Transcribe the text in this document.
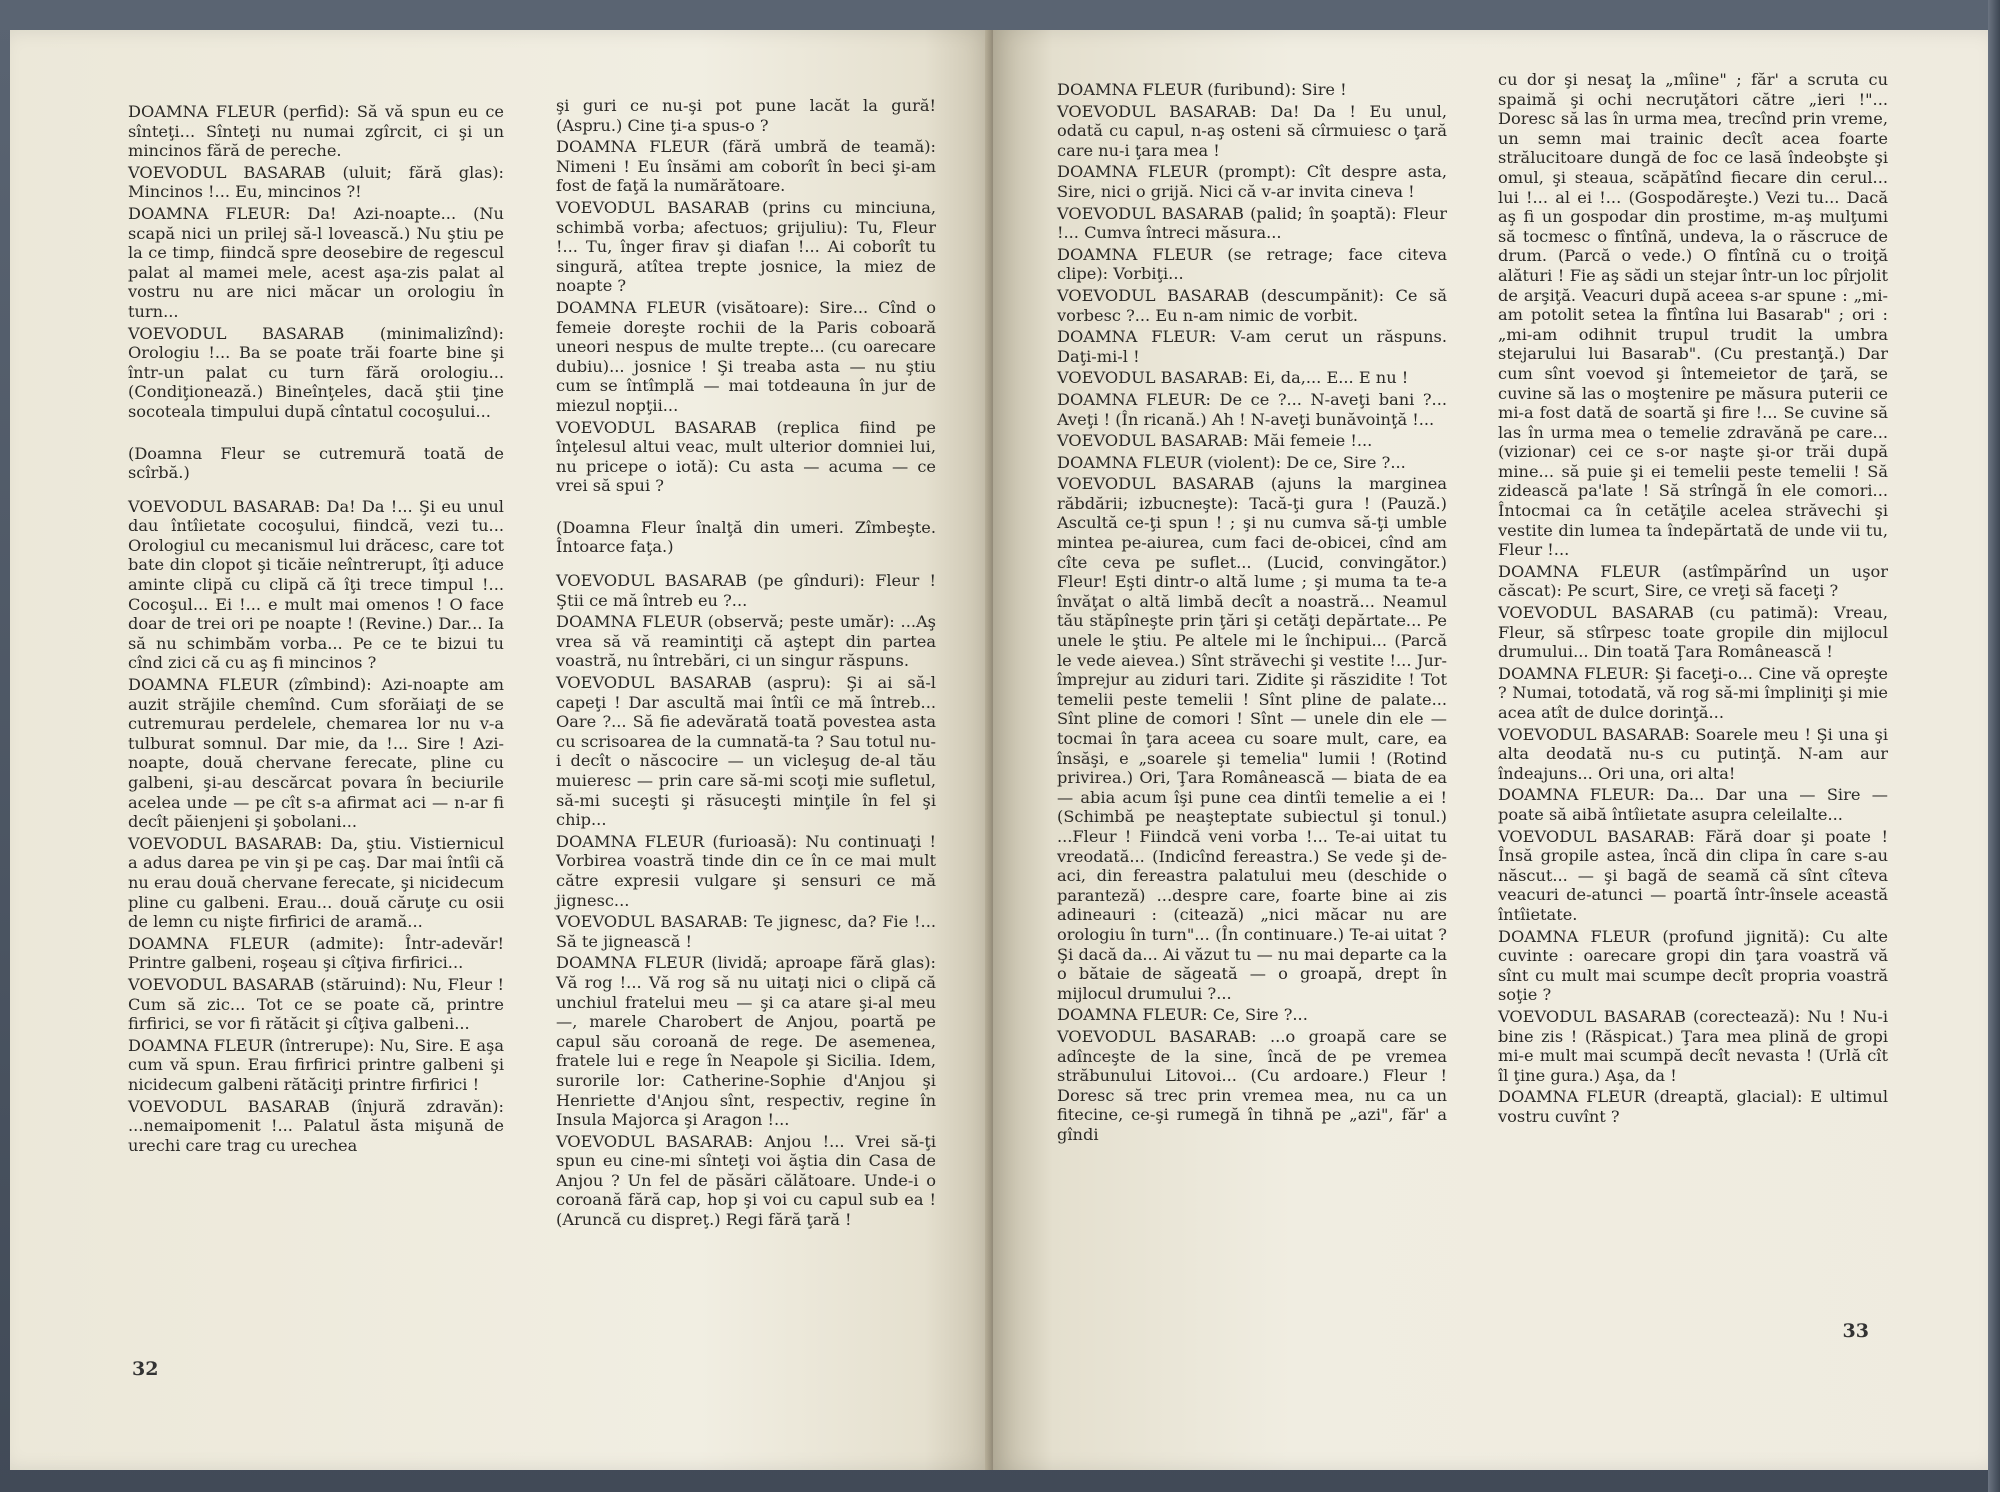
DOAMNA FLEUR (perfid): Să vă spun eu ce sînteţi... Sînteţi nu numai zgîrcit, ci şi un mincinos fără de pereche.

VOEVODUL BASARAB (uluit; fără glas): Mincinos !... Eu, mincinos ?!

DOAMNA FLEUR: Da! Azi-noapte... (Nu scapă nici un prilej să-l lovească.) Nu ştiu pe la ce timp, fiindcă spre deosebire de regescul palat al mamei mele, acest aşa-zis palat al vostru nu are nici măcar un orologiu în turn...

VOEVODUL BASARAB (minimalizînd): Orologiu !... Ba se poate trăi foarte bine şi într-un palat cu turn fără orologiu... (Condiţionează.) Bineînţeles, dacă ştii ţine socoteala timpului după cîntatul cocoşului...

(Doamna Fleur se cutremură toată de scîrbă.)

VOEVODUL BASARAB: Da! Da !... Şi eu unul dau întîietate cocoşului, fiindcă, vezi tu... Orologiul cu mecanismul lui drăcesc, care tot bate din clopot şi ticăie neîntrerupt, îţi aduce aminte clipă cu clipă că îţi trece timpul !... Cocoşul... Ei !... e mult mai omenos ! O face doar de trei ori pe noapte ! (Revine.) Dar... Ia să nu schimbăm vorba... Pe ce te bizui tu cînd zici că cu aş fi mincinos ?

DOAMNA FLEUR (zîmbind): Azi-noapte am auzit străjile chemînd. Cum sforăiaţi de se cutremurau perdelele, chemarea lor nu v-a tulburat somnul. Dar mie, da !... Sire ! Azi-noapte, două chervane ferecate, pline cu galbeni, şi-au descărcat povara în beciurile acelea unde — pe cît s-a afirmat aci — n-ar fi decît păienjeni şi şobolani...

VOEVODUL BASARAB: Da, ştiu. Vistiernicul a adus darea pe vin şi pe caş. Dar mai întîi că nu erau două chervane ferecate, şi nicidecum pline cu galbeni. Erau... două căruţe cu osii de lemn cu nişte firfirici de aramă...

DOAMNA FLEUR (admite): Într-adevăr! Printre galbeni, roşeau şi cîţiva firfirici...

VOEVODUL BASARAB (stăruind): Nu, Fleur ! Cum să zic... Tot ce se poate că, printre firfirici, se vor fi rătăcit şi cîţiva galbeni...

DOAMNA FLEUR (întrerupe): Nu, Sire. E aşa cum vă spun. Erau firfirici printre galbeni şi nicidecum galbeni rătăciţi printre firfirici !

VOEVODUL BASARAB (înjură zdravăn): ...nemaipomenit !... Palatul ăsta mişună de urechi care trag cu urechea

şi guri ce nu-şi pot pune lacăt la gură! (Aspru.) Cine ţi-a spus-o ?

DOAMNA FLEUR (fără umbră de teamă): Nimeni ! Eu însămi am coborît în beci şi-am fost de faţă la numărătoare.

VOEVODUL BASARAB (prins cu minciuna, schimbă vorba; afectuos; grijuliu): Tu, Fleur !... Tu, înger firav şi diafan !... Ai coborît tu singură, atîtea trepte josnice, la miez de noapte ?

DOAMNA FLEUR (visătoare): Sire... Cînd o femeie doreşte rochii de la Paris coboară uneori nespus de multe trepte... (cu oarecare dubiu)... josnice ! Şi treaba asta — nu ştiu cum se întîmplă — mai totdeauna în jur de miezul nopţii...

VOEVODUL BASARAB (replica fiind pe înţelesul altui veac, mult ulterior domniei lui, nu pricepe o iotă): Cu asta — acuma — ce vrei să spui ?

(Doamna Fleur înalţă din umeri. Zîmbeşte. Întoarce faţa.)

VOEVODUL BASARAB (pe gînduri): Fleur ! Ştii ce mă întreb eu ?...

DOAMNA FLEUR (observă; peste umăr): ...Aş vrea să vă reamintiţi că aştept din partea voastră, nu întrebări, ci un singur răspuns.

VOEVODUL BASARAB (aspru): Şi ai să-l capeţi ! Dar ascultă mai întîi ce mă întreb... Oare ?... Să fie adevărată toată povestea asta cu scrisoarea de la cumnată-ta ? Sau totul nu-i decît o născocire — un vicleşug de-al tău muieresc — prin care să-mi scoţi mie sufletul, să-mi suceşti şi răsuceşti minţile în fel şi chip...

DOAMNA FLEUR (furioasă): Nu continuaţi ! Vorbirea voastră tinde din ce în ce mai mult către expresii vulgare şi sensuri ce mă jignesc...

VOEVODUL BASARAB: Te jignesc, da? Fie !... Să te jignească !

DOAMNA FLEUR (lividă; aproape fără glas): Vă rog !... Vă rog să nu uitaţi nici o clipă că unchiul fratelui meu — şi ca atare şi-al meu —, marele Charobert de Anjou, poartă pe capul său coroană de rege. De asemenea, fratele lui e rege în Neapole şi Sicilia. Idem, surorile lor: Catherine-Sophie d'Anjou şi Henriette d'Anjou sînt, respectiv, regine în Insula Majorca şi Aragon !...

VOEVODUL BASARAB: Anjou !... Vrei să-ţi spun eu cine-mi sînteţi voi ăştia din Casa de Anjou ? Un fel de păsări călătoare. Unde-i o coroană fără cap, hop şi voi cu capul sub ea ! (Aruncă cu dispreţ.) Regi fără ţară !

32

DOAMNA FLEUR (furibund): Sire !

VOEVODUL BASARAB: Da! Da ! Eu unul, odată cu capul, n-aş osteni să cîrmuiesc o ţară care nu-i ţara mea !

DOAMNA FLEUR (prompt): Cît despre asta, Sire, nici o grijă. Nici că v-ar invita cineva !

VOEVODUL BASARAB (palid; în şoaptă): Fleur !... Cumva întreci măsura...

DOAMNA FLEUR (se retrage; face citeva clipe): Vorbiţi...

VOEVODUL BASARAB (descumpănit): Ce să vorbesc ?... Eu n-am nimic de vorbit.

DOAMNA FLEUR: V-am cerut un răspuns. Daţi-mi-l !

VOEVODUL BASARAB: Ei, da,... E... E nu !

DOAMNA FLEUR: De ce ?... N-aveţi bani ?... Aveţi ! (În ricană.) Ah ! N-aveţi bunăvoinţă !...

VOEVODUL BASARAB: Măi femeie !...

DOAMNA FLEUR (violent): De ce, Sire ?...

VOEVODUL BASARAB (ajuns la marginea răbdării; izbucneşte): Tacă-ţi gura ! (Pauză.) Ascultă ce-ţi spun ! ; şi nu cumva să-ţi umble mintea pe-aiurea, cum faci de-obicei, cînd am cîte ceva pe suflet... (Lucid, convingător.) Fleur! Eşti dintr-o altă lume ; şi muma ta te-a învăţat o altă limbă decît a noastră... Neamul tău stăpîneşte prin ţări şi cetăţi depărtate... Pe unele le ştiu. Pe altele mi le închipui... (Parcă le vede aievea.) Sînt străvechi şi vestite !... Jur-împrejur au ziduri tari. Zidite şi răszidite ! Tot temelii peste temelii ! Sînt pline de palate... Sînt pline de comori ! Sînt — unele din ele — tocmai în ţara aceea cu soare mult, care, ea însăşi, e „soarele şi temelia" lumii ! (Rotind privirea.) Ori, Ţara Românească — biata de ea — abia acum îşi pune cea dintîi temelie a ei ! (Schimbă pe neaşteptate subiectul şi tonul.) ...Fleur ! Fiindcă veni vorba !... Te-ai uitat tu vreodată... (Indicînd fereastra.) Se vede şi de-aci, din fereastra palatului meu (deschide o paranteză) ...despre care, foarte bine ai zis adineauri : (citează) „nici măcar nu are orologiu în turn"... (În continuare.) Te-ai uitat ? Şi dacă da... Ai văzut tu — nu mai departe ca la o bătaie de săgeată — o groapă, drept în mijlocul drumului ?...

DOAMNA FLEUR: Ce, Sire ?...

VOEVODUL BASARAB: ...o groapă care se adînceşte de la sine, încă de pe vremea străbunului Litovoi... (Cu ardoare.) Fleur ! Doresc să trec prin vremea mea, nu ca un fitecine, ce-şi rumegă în tihnă pe „azi", făr' a gîndi

cu dor şi nesaţ la „mîine" ; făr' a scruta cu spaimă şi ochi necruţători către „ieri !"... Doresc să las în urma mea, trecînd prin vreme, un semn mai trainic decît acea foarte strălucitoare dungă de foc ce lasă îndeobşte şi omul, şi steaua, scăpătînd fiecare din cerul... lui !... al ei !... (Gospodăreşte.) Vezi tu... Dacă aş fi un gospodar din prostime, m-aş mulţumi să tocmesc o fîntînă, undeva, la o răscruce de drum. (Parcă o vede.) O fîntînă cu o troiţă alături ! Fie aş sădi un stejar într-un loc pîrjolit de arşiţă. Veacuri după aceea s-ar spune : „mi-am potolit setea la fîntîna lui Basarab" ; ori : „mi-am odihnit trupul trudit la umbra stejarului lui Basarab". (Cu prestanţă.) Dar cum sînt voevod şi întemeietor de ţară, se cuvine să las o moştenire pe măsura puterii ce mi-a fost dată de soartă şi fire !... Se cuvine să las în urma mea o temelie zdravănă pe care... (vizionar) cei ce s-or naşte şi-or trăi după mine... să puie şi ei temelii peste temelii ! Să zidească pa'late ! Să strîngă în ele comori... Întocmai ca în cetăţile acelea străvechi şi vestite din lumea ta îndepărtată de unde vii tu, Fleur !...

DOAMNA FLEUR (astîmpărînd un uşor căscat): Pe scurt, Sire, ce vreţi să faceţi ?

VOEVODUL BASARAB (cu patimă): Vreau, Fleur, să stîrpesc toate gropile din mijlocul drumului... Din toată Ţara Românească !

DOAMNA FLEUR: Şi faceţi-o... Cine vă opreşte ? Numai, totodată, vă rog să-mi împliniţi şi mie acea atît de dulce dorinţă...

VOEVODUL BASARAB: Soarele meu ! Şi una şi alta deodată nu-s cu putinţă. N-am aur îndeajuns... Ori una, ori alta!

DOAMNA FLEUR: Da... Dar una — Sire — poate să aibă întîietate asupra celeilalte...

VOEVODUL BASARAB: Fără doar şi poate ! Însă gropile astea, încă din clipa în care s-au născut... — şi bagă de seamă că sînt cîteva veacuri de-atunci — poartă într-însele această întîietate.

DOAMNA FLEUR (profund jignită): Cu alte cuvinte : oarecare gropi din ţara voastră vă sînt cu mult mai scumpe decît propria voastră soţie ?

VOEVODUL BASARAB (corectează): Nu ! Nu-i bine zis ! (Răspicat.) Ţara mea plină de gropi mi-e mult mai scumpă decît nevasta ! (Urlă cît îl ţine gura.) Aşa, da !

DOAMNA FLEUR (dreaptă, glacial): E ultimul vostru cuvînt ?

33
